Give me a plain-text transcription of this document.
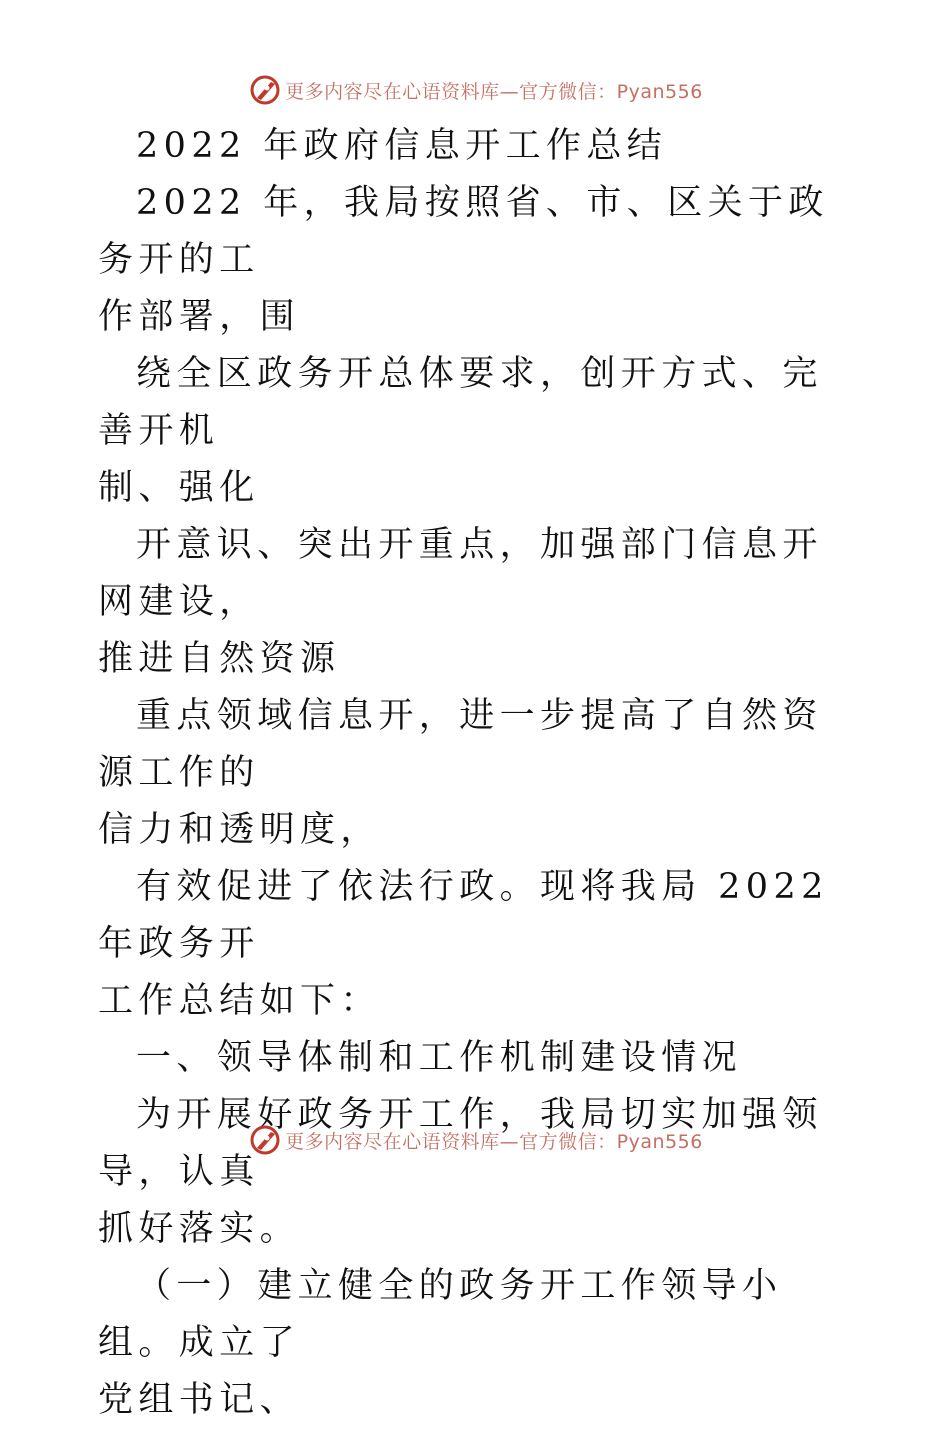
更多内容尽在心语资料库—官方微信：Pyan556

2022 年政府信息开工作总结

2022 年，我局按照省、市、区关于政务开的工
作部署，围

绕全区政务开总体要求，创开方式、完善开机
制、强化

开意识、突出开重点，加强部门信息开网建设，
推进自然资源

重点领域信息开，进一步提高了自然资源工作的
信力和透明度，

有效促进了依法行政。现将我局 2022 年政务开
工作总结如下：

一、领导体制和工作机制建设情况

为开展好政务开工作，我局切实加强领导，认真
抓好落实。

（一）建立健全的政务开工作领导小组。成立了
党组书记、

更多内容尽在心语资料库—官方微信：Pyan556
